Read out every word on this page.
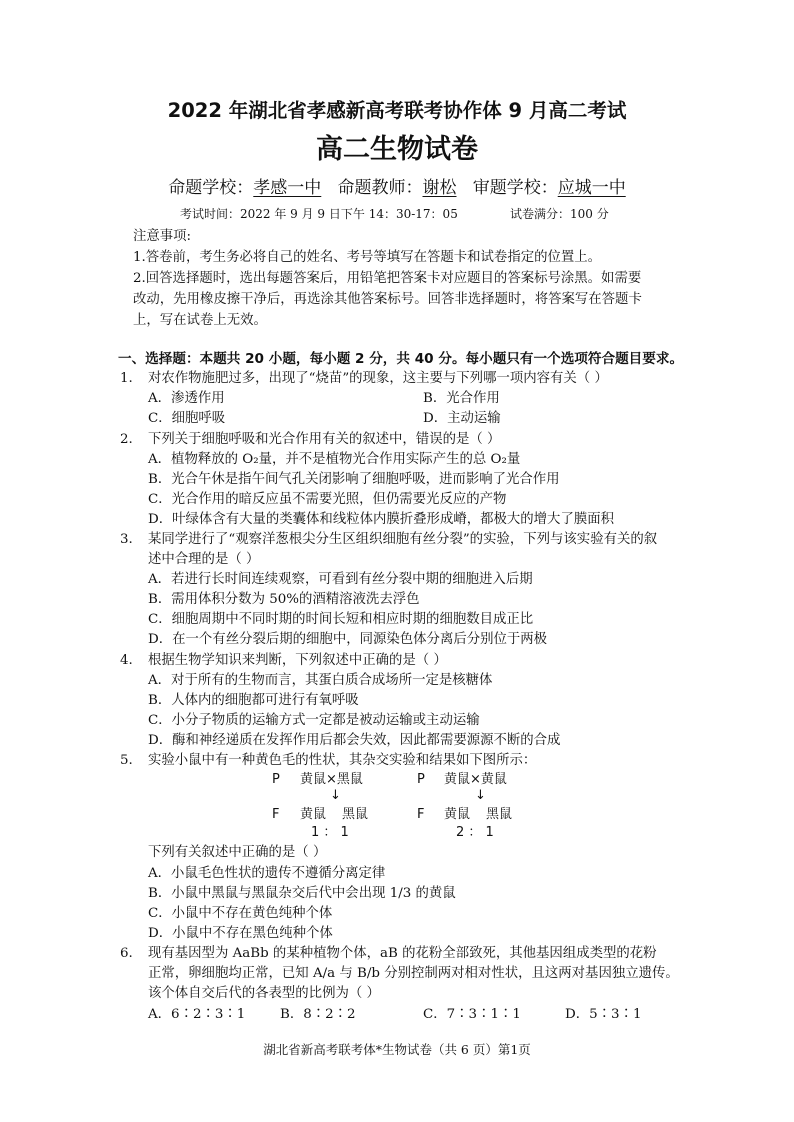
2022 年湖北省孝感新高考联考协作体 9 月高二考试
高二生物试卷
命题学校：孝感一中 命题教师：谢松 审题学校：应城一中
考试时间：2022 年 9 月 9 日下午 14：30-17：05	试卷满分：100 分
注意事项:
1.答卷前，考生务必将自己的姓名、考号等填写在答题卡和试卷指定的位置上。
2.回答选择题时，选出每题答案后，用铅笔把答案卡对应题目的答案标号涂黑。如需要
改动，先用橡皮擦干净后，再选涂其他答案标号。回答非选择题时，将答案写在答题卡
上，写在试卷上无效。
一、选择题：本题共 20 小题，每小题 2 分，共 40 分。每小题只有一个选项符合题目要求。
1. 对农作物施肥过多，出现了“烧苗”的现象，这主要与下列哪一项内容有关（ ）
A．渗透作用	B．光合作用
C．细胞呼吸	D．主动运输
2. 下列关于细胞呼吸和光合作用有关的叙述中，错误的是（ ）
A．植物释放的 O₂量，并不是植物光合作用实际产生的总 O₂量
B．光合午休是指午间气孔关闭影响了细胞呼吸，进而影响了光合作用
C．光合作用的暗反应虽不需要光照，但仍需要光反应的产物
D．叶绿体含有大量的类囊体和线粒体内膜折叠形成嵴，都极大的增大了膜面积
3. 某同学进行了“观察洋葱根尖分生区组织细胞有丝分裂”的实验，下列与该实验有关的叙
述中合理的是（ ）
A．若进行长时间连续观察，可看到有丝分裂中期的细胞进入后期
B．需用体积分数为 50%的酒精溶液洗去浮色
C．细胞周期中不同时期的时间长短和相应时期的细胞数目成正比
D．在一个有丝分裂后期的细胞中，同源染色体分离后分别位于两极
4. 根据生物学知识来判断，下列叙述中正确的是（ ）
A．对于所有的生物而言，其蛋白质合成场所一定是核糖体
B．人体内的细胞都可进行有氧呼吸
C．小分子物质的运输方式一定都是被动运输或主动运输
D．酶和神经递质在发挥作用后都会失效，因此都需要源源不断的合成
5. 实验小鼠中有一种黄色毛的性状，其杂交实验和结果如下图所示：
P 黄鼠×黑鼠
↓
F 黄鼠 黑鼠
1 ： 1
P 黄鼠×黄鼠
↓
F 黄鼠 黑鼠
2 ： 1
下列有关叙述中正确的是（ ）
A．小鼠毛色性状的遗传不遵循分离定律
B．小鼠中黑鼠与黑鼠杂交后代中会出现 1/3 的黄鼠
C．小鼠中不存在黄色纯种个体
D．小鼠中不存在黑色纯种个体
6. 现有基因型为 AaBb 的某种植物个体，aB 的花粉全部致死，其他基因组成类型的花粉
正常，卵细胞均正常，已知 A/a 与 B/b 分别控制两对相对性状，且这两对基因独立遗传。
该个体自交后代的各表型的比例为（ ）
A．6∶2∶3∶1	B．8∶2∶2	C．7∶3∶1∶1	D．5∶3∶1
湖北省新高考联考体*生物试卷（共 6 页）第1页
